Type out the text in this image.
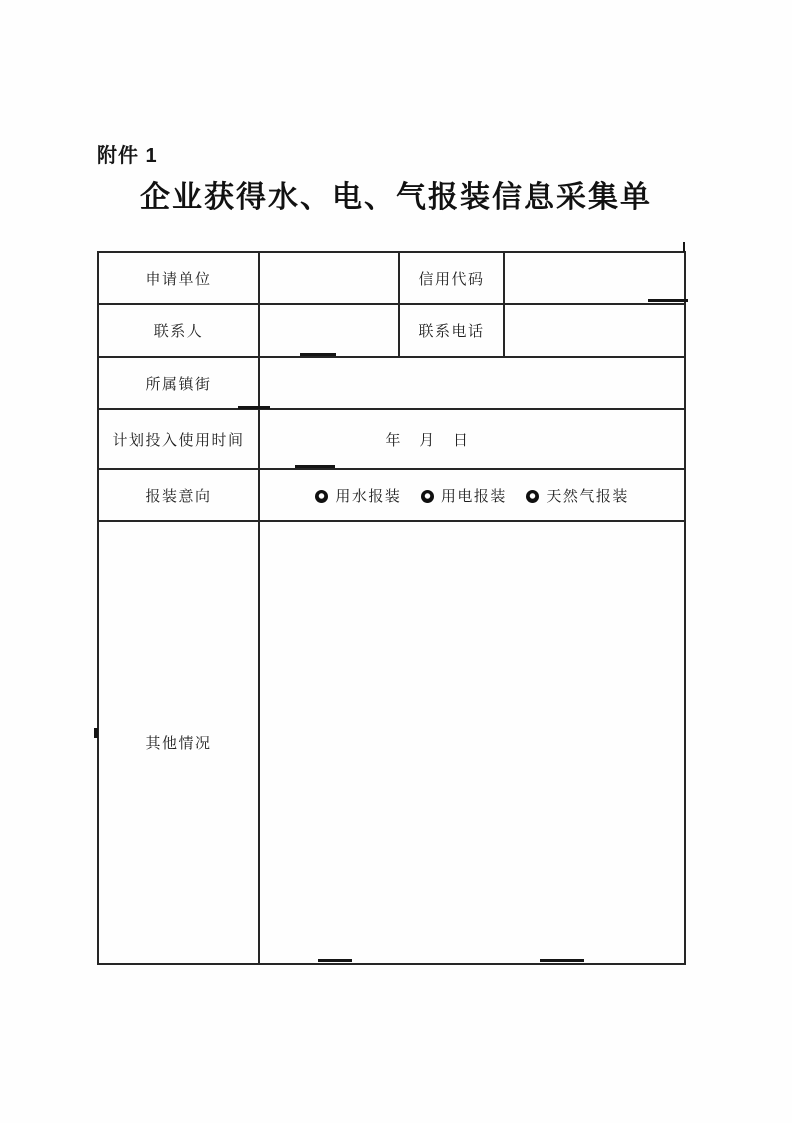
附件 1
企业获得水、电、气报装信息采集单
申请单位		信用代码	
联系人		联系电话	
所属镇街			
计划投入使用时间	年 月 日		
报装意向	用水报装 用电报装 天然气报装		
其他情况			
